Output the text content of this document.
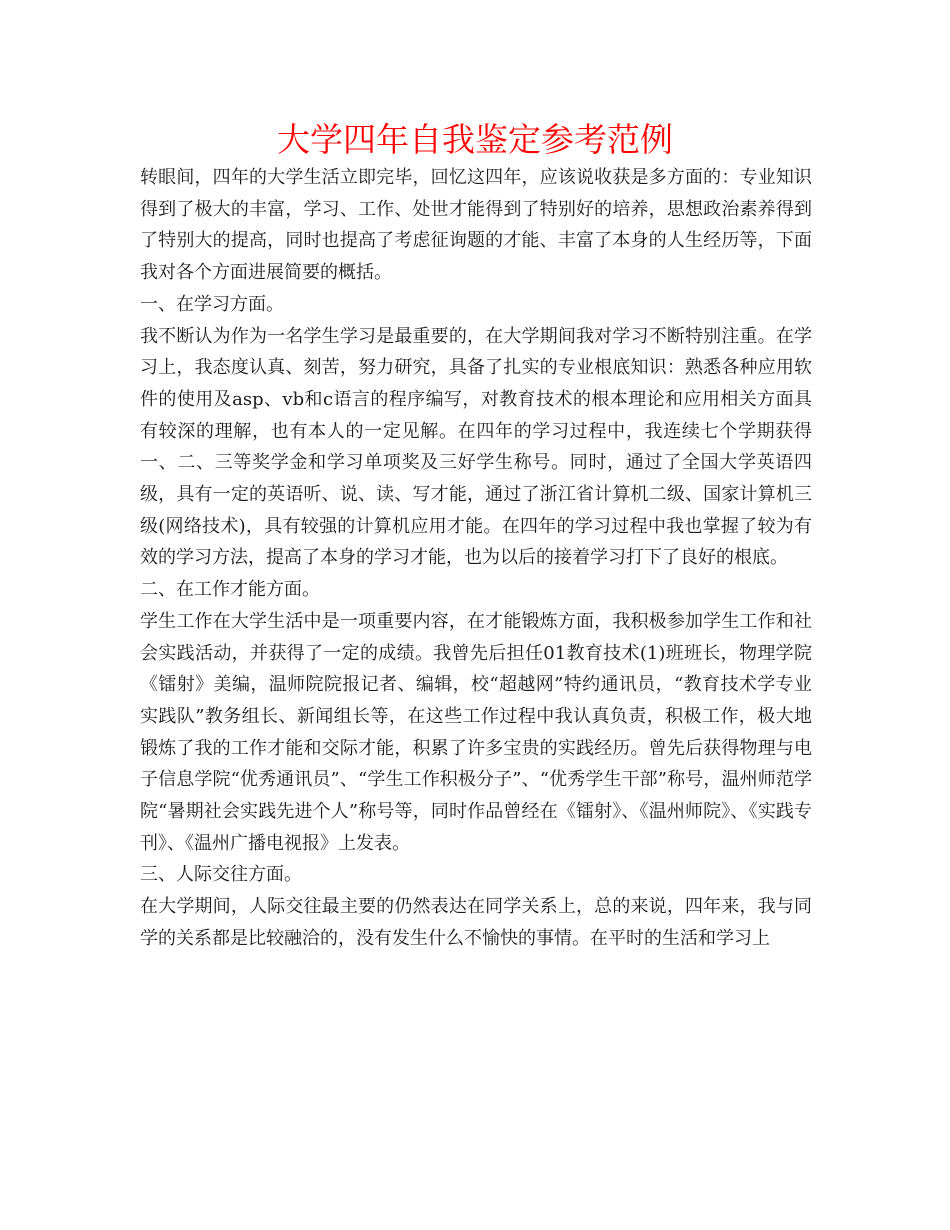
大学四年自我鉴定参考范例

转眼间，四年的大学生活立即完毕，回忆这四年，应该说收获是多方面的：专业知识得到了极大的丰富，学习、工作、处世才能得到了特别好的培养，思想政治素养得到了特别大的提高，同时也提高了考虑征询题的才能、丰富了本身的人生经历等，下面我对各个方面进展简要的概括。

一、在学习方面。

我不断认为作为一名学生学习是最重要的，在大学期间我对学习不断特别注重。在学习上，我态度认真、刻苦，努力研究，具备了扎实的专业根底知识：熟悉各种应用软件的使用及asp、vb和c语言的程序编写，对教育技术的根本理论和应用相关方面具有较深的理解，也有本人的一定见解。在四年的学习过程中，我连续七个学期获得一、二、三等奖学金和学习单项奖及三好学生称号。同时，通过了全国大学英语四级，具有一定的英语听、说、读、写才能，通过了浙江省计算机二级、国家计算机三级(网络技术)，具有较强的计算机应用才能。在四年的学习过程中我也掌握了较为有效的学习方法，提高了本身的学习才能，也为以后的接着学习打下了良好的根底。

二、在工作才能方面。

学生工作在大学生活中是一项重要内容，在才能锻炼方面，我积极参加学生工作和社会实践活动，并获得了一定的成绩。我曾先后担任01教育技术(1)班班长，物理学院《镭射》美编，温师院院报记者、编辑，校“超越网”特约通讯员，“教育技术学专业实践队”教务组长、新闻组长等，在这些工作过程中我认真负责，积极工作，极大地锻炼了我的工作才能和交际才能，积累了许多宝贵的实践经历。曾先后获得物理与电子信息学院“优秀通讯员”、“学生工作积极分子”、“优秀学生干部”称号，温州师范学院“暑期社会实践先进个人”称号等，同时作品曾经在《镭射》、《温州师院》、《实践专刊》、《温州广播电视报》上发表。

三、人际交往方面。

在大学期间，人际交往最主要的仍然表达在同学关系上，总的来说，四年来，我与同学的关系都是比较融洽的，没有发生什么不愉快的事情。在平时的生活和学习上
